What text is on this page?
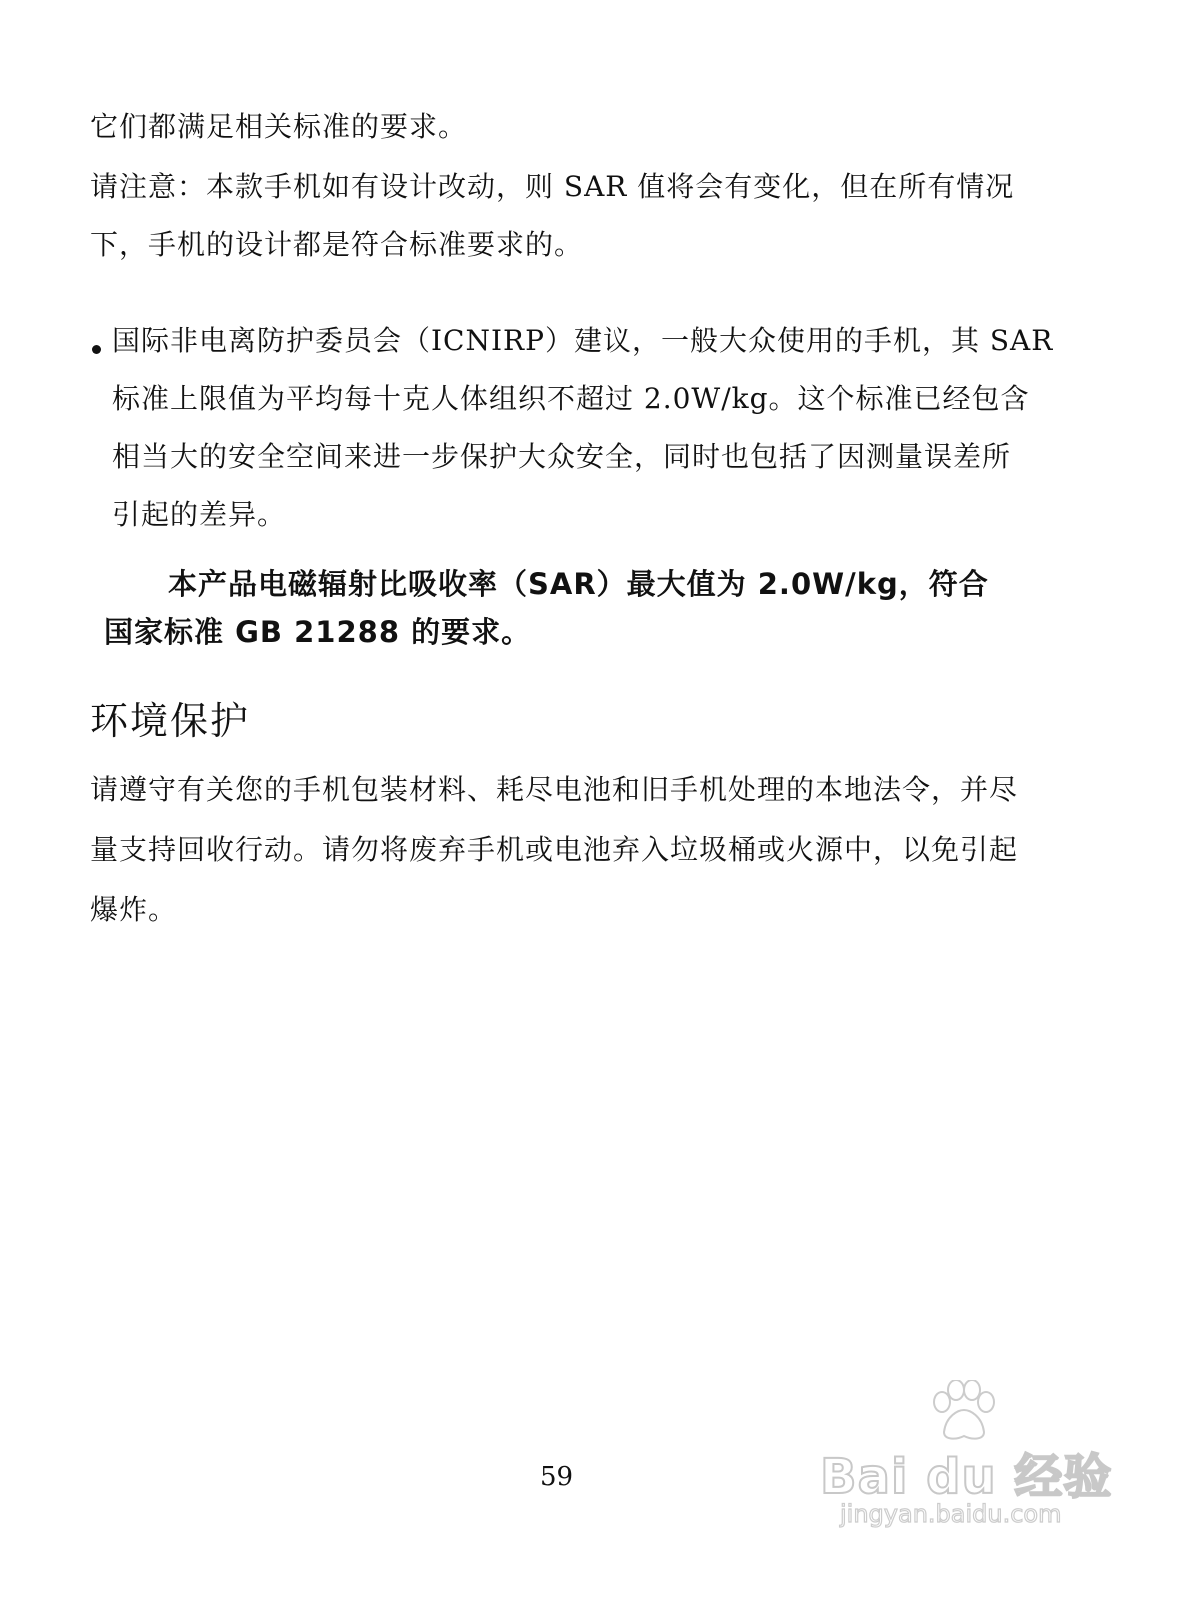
它们都满足相关标准的要求。
请注意：本款手机如有设计改动，则 SAR 值将会有变化，但在所有情况
下，手机的设计都是符合标准要求的。
国际非电离防护委员会（ICNIRP）建议，一般大众使用的手机，其 SAR
标准上限值为平均每十克人体组织不超过 2.0W/kg。这个标准已经包含
相当大的安全空间来进一步保护大众安全，同时也包括了因测量误差所
引起的差异。
本产品电磁辐射比吸收率（SAR）最大值为 2.0W/kg，符合
国家标准 GB 21288 的要求。
环境保护
请遵守有关您的手机包装材料、耗尽电池和旧手机处理的本地法令，并尽
量支持回收行动。请勿将废弃手机或电池弃入垃圾桶或火源中，以免引起
爆炸。
59	Bai du 经验
jingyan.baidu.com
